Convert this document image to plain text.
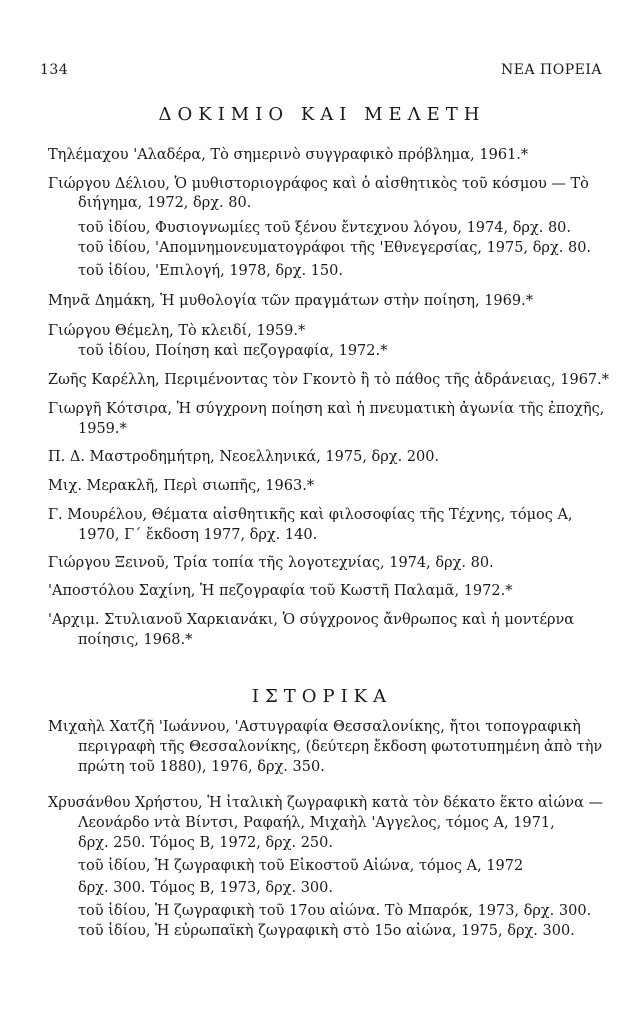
134	ΝΕΑ ΠΟΡΕΙΑ
ΔΟΚΙΜΙΟ ΚΑΙ ΜΕΛΕΤΗ
Τηλέμαχου 'Αλαδέρα, Τὸ σημερινὸ συγγραφικὸ πρόβλημα, 1961.*
Γιώργου Δέλιου, Ὁ μυθιστοριογράφος καὶ ὁ αἰσθητικὸς τοῦ κόσμου — Τὸ
διήγημα, 1972, δρχ. 80.
τοῦ ἰδίου, Φυσιογνωμίες τοῦ ξένου ἔντεχνου λόγου, 1974, δρχ. 80.
τοῦ ἰδίου, 'Απομνημονευματογράφοι τῆς 'Εθνεγερσίας, 1975, δρχ. 80.
τοῦ ἰδίου, 'Επιλογή, 1978, δρχ. 150.
Μηνᾶ Δημάκη, Ἡ μυθολογία τῶν πραγμάτων στὴν ποίηση, 1969.*
Γιώργου Θέμελη, Τὸ κλειδί, 1959.*
τοῦ ἰδίου, Ποίηση καὶ πεζογραφία, 1972.*
Ζωῆς Καρέλλη, Περιμένοντας τὸν Γκοντὸ ἢ τὸ πάθος τῆς ἀδράνειας, 1967.*
Γιωργῆ Κότσιρα, Ἡ σύγχρονη ποίηση καὶ ἡ πνευματικὴ ἀγωνία τῆς ἐποχῆς,
1959.*
Π. Δ. Μαστροδημήτρη, Νεοελληνικά, 1975, δρχ. 200.
Μιχ. Μερακλῆ, Περὶ σιωπῆς, 1963.*
Γ. Μουρέλου, Θέματα αἰσθητικῆς καὶ φιλοσοφίας τῆς Τέχνης, τόμος Α,
1970, Γ΄ ἔκδοση 1977, δρχ. 140.
Γιώργου Ξεινοῦ, Τρία τοπία τῆς λογοτεχνίας, 1974, δρχ. 80.
'Αποστόλου Σαχίνη, Ἡ πεζογραφία τοῦ Κωστῆ Παλαμᾶ, 1972.*
'Αρχιμ. Στυλιανοῦ Χαρκιανάκι, Ὁ σύγχρονος ἄνθρωπος καὶ ἡ μοντέρνα
ποίησις, 1968.*
ΙΣΤΟΡΙΚΑ
Μιχαὴλ Χατζῆ 'Ιωάννου, 'Αστυγραφία Θεσσαλονίκης, ἤτοι τοπογραφικὴ
περιγραφὴ τῆς Θεσσαλονίκης, (δεύτερη ἔκδοση φωτοτυπημένη ἀπὸ τὴν
πρώτη τοῦ 1880), 1976, δρχ. 350.
Χρυσάνθου Χρήστου, Ἡ ἰταλικὴ ζωγραφικὴ κατὰ τὸν δέκατο ἕκτο αἰώνα —
Λεονάρδο ντὰ Βίντσι, Ραφαήλ, Μιχαὴλ 'Αγγελος, τόμος Α, 1971,
δρχ. 250. Τόμος Β, 1972, δρχ. 250.
τοῦ ἰδίου, Ἡ ζωγραφικὴ τοῦ Εἰκοστοῦ Αἰώνα, τόμος Α, 1972
δρχ. 300. Τόμος Β, 1973, δρχ. 300.
τοῦ ἰδίου, Ἡ ζωγραφικὴ τοῦ 17ου αἰώνα. Τὸ Μπαρόκ, 1973, δρχ. 300.
τοῦ ἰδίου, Ἡ εὐρωπαϊκὴ ζωγραφικὴ στὸ 15ο αἰώνα, 1975, δρχ. 300.
